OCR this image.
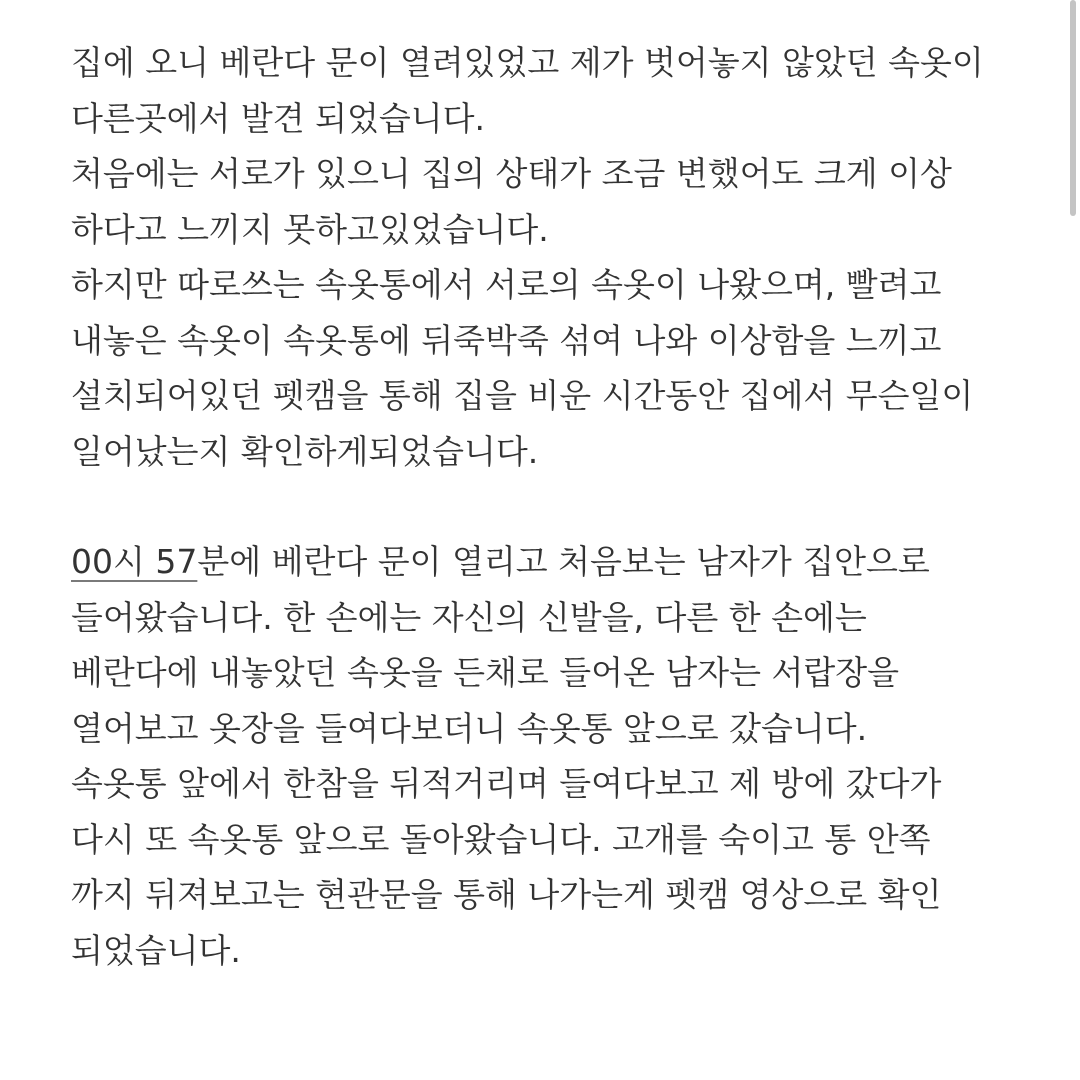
집에 오니 베란다 문이 열려있었고 제가 벗어놓지 않았던 속옷이
다른곳에서 발견 되었습니다.
처음에는 서로가 있으니 집의 상태가 조금 변했어도 크게 이상
하다고 느끼지 못하고있었습니다.
하지만 따로쓰는 속옷통에서 서로의 속옷이 나왔으며, 빨려고
내놓은 속옷이 속옷통에 뒤죽박죽 섞여 나와 이상함을 느끼고
설치되어있던 펫캠을 통해 집을 비운 시간동안 집에서 무슨일이
일어났는지 확인하게되었습니다.
00시 57분에 베란다 문이 열리고 처음보는 남자가 집안으로
들어왔습니다. 한 손에는 자신의 신발을, 다른 한 손에는
베란다에 내놓았던 속옷을 든채로 들어온 남자는 서랍장을
열어보고 옷장을 들여다보더니 속옷통 앞으로 갔습니다.
속옷통 앞에서 한참을 뒤적거리며 들여다보고 제 방에 갔다가
다시 또 속옷통 앞으로 돌아왔습니다. 고개를 숙이고 통 안쪽
까지 뒤져보고는 현관문을 통해 나가는게 펫캠 영상으로 확인
되었습니다.
